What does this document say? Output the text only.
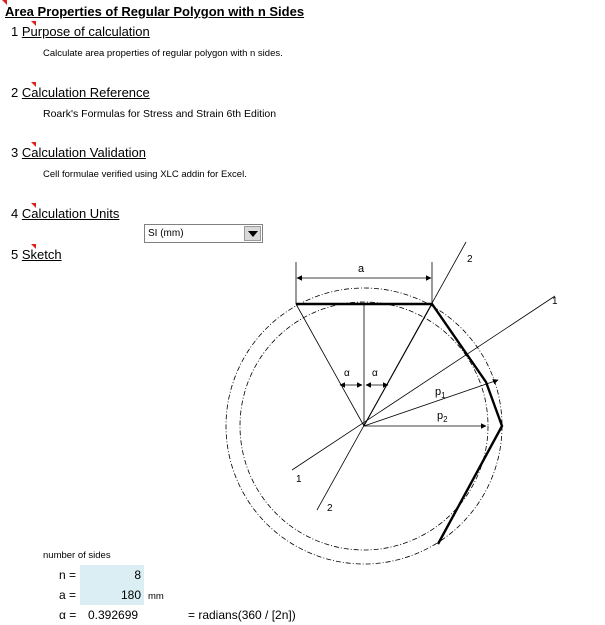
Area Properties of Regular Polygon with n Sides
1 Purpose of calculation
Calculate area properties of regular polygon with n sides.
2 Calculation Reference
Roark's Formulas for Stress and Strain 6th Edition
3 Calculation Validation
Cell formulae verified using XLC addin for Excel.
4 Calculation Units
SI (mm)
5 Sketch
a
α α
$p_1$
$p_2$
2
1
1
2
number of sides
n =	8
a =	180 mm
α = 0.392699	= radians(360 / [2n])
